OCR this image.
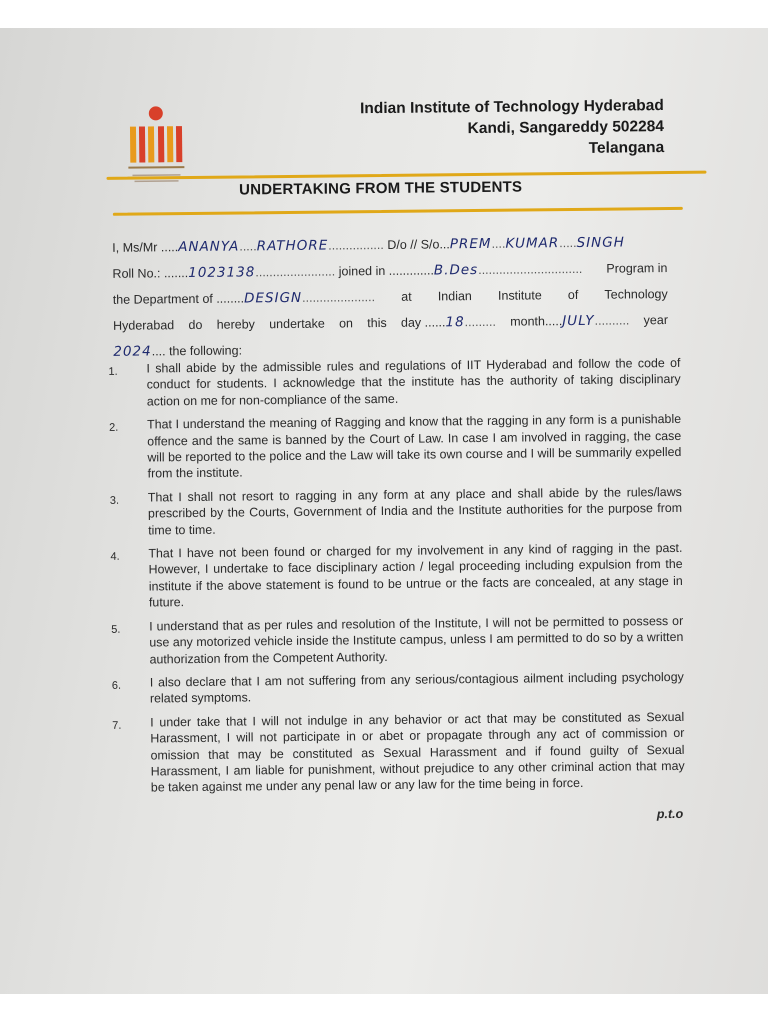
Indian Institute of Technology Hyderabad
Kandi, Sangareddy 502284
Telangana
UNDERTAKING FROM THE STUDENTS
I, Ms/Mr .....ANANYA.....RATHORE................ D/o // S/o...PREM....KUMAR.....SINGH
Roll No.: .......1023138....................... joined in .............B.Des.............................. Program in
the Department of ........DESIGN..................... at Indian Institute of Technology
Hyderabad do hereby undertake on this day ......18......... month.....JULY.......... year
2024.... the following:
1.	I shall abide by the admissible rules and regulations of IIT Hyderabad and follow the code of conduct for students. I acknowledge that the institute has the authority of taking disciplinary action on me for non-compliance of the same.
2.	That I understand the meaning of Ragging and know that the ragging in any form is a punishable offence and the same is banned by the Court of Law. In case I am involved in ragging, the case will be reported to the police and the Law will take its own course and I will be summarily expelled from the institute.
3.	That I shall not resort to ragging in any form at any place and shall abide by the rules/laws prescribed by the Courts, Government of India and the Institute authorities for the purpose from time to time.
4.	That I have not been found or charged for my involvement in any kind of ragging in the past. However, I undertake to face disciplinary action / legal proceeding including expulsion from the institute if the above statement is found to be untrue or the facts are concealed, at any stage in future.
5.	I understand that as per rules and resolution of the Institute, I will not be permitted to possess or use any motorized vehicle inside the Institute campus, unless I am permitted to do so by a written authorization from the Competent Authority.
6.	I also declare that I am not suffering from any serious/contagious ailment including psychology related symptoms.
7.	I under take that I will not indulge in any behavior or act that may be constituted as Sexual Harassment, I will not participate in or abet or propagate through any act of commission or omission that may be constituted as Sexual Harassment and if found guilty of Sexual Harassment, I am liable for punishment, without prejudice to any other criminal action that may be taken against me under any penal law or any law for the time being in force.
p.t.o
